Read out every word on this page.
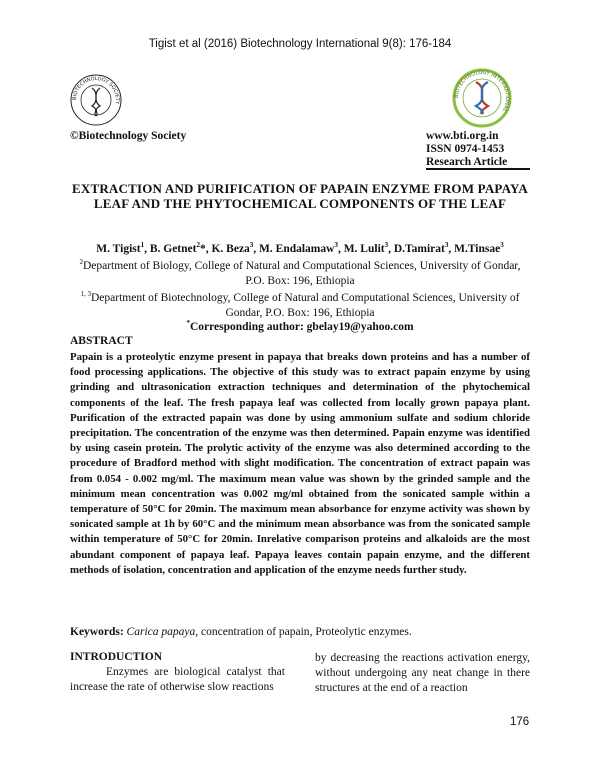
Tigist et al (2016) Biotechnology International 9(8): 176-184
BIOTECHNOLOGY SOCIETY
BIOTECHNOLOGY INTERNATIONAL
©Biotechnology Society	www.bti.org.in
ISSN 0974-1453
Research Article
EXTRACTION AND PURIFICATION OF PAPAIN ENZYME FROM PAPAYA LEAF AND THE PHYTOCHEMICAL COMPONENTS OF THE LEAF
M. Tigist$^1$, B. Getnet$^2$*, K. Beza$^3$, M. Endalamaw$^3$, M. Lulit$^3$, D.Tamirat$^3$, M.Tinsae$^3$
$^2$Department of Biology, College of Natural and Computational Sciences, University of Gondar, P.O. Box: 196, Ethiopia
$^{1, 3}$Department of Biotechnology, College of Natural and Computational Sciences, University of Gondar, P.O. Box: 196, Ethiopia
*Corresponding author: gbelay19@yahoo.com
ABSTRACT
Papain is a proteolytic enzyme present in papaya that breaks down proteins and has a number of food processing applications. The objective of this study was to extract papain enzyme by using grinding and ultrasonication extraction techniques and determination of the phytochemical components of the leaf. The fresh papaya leaf was collected from locally grown papaya plant. Purification of the extracted papain was done by using ammonium sulfate and sodium chloride precipitation. The concentration of the enzyme was then determined. Papain enzyme was identified by using casein protein. The prolytic activity of the enzyme was also determined according to the procedure of Bradford method with slight modification. The concentration of extract papain was from 0.054 - 0.002 mg/ml. The maximum mean value was shown by the grinded sample and the minimum mean concentration was 0.002 mg/ml obtained from the sonicated sample within a temperature of 50°C for 20min. The maximum mean absorbance for enzyme activity was shown by sonicated sample at 1h by 60°C and the minimum mean absorbance was from the sonicated sample within temperature of 50°C for 20min. Inrelative comparison proteins and alkaloids are the most abundant component of papaya leaf. Papaya leaves contain papain enzyme, and the different methods of isolation, concentration and application of the enzyme needs further study.
Keywords: Carica papaya, concentration of papain, Proteolytic enzymes.
INTRODUCTION
Enzymes are biological catalyst that increase the rate of otherwise slow reactions
by decreasing the reactions activation energy, without undergoing any neat change in there structures at the end of a reaction
176
